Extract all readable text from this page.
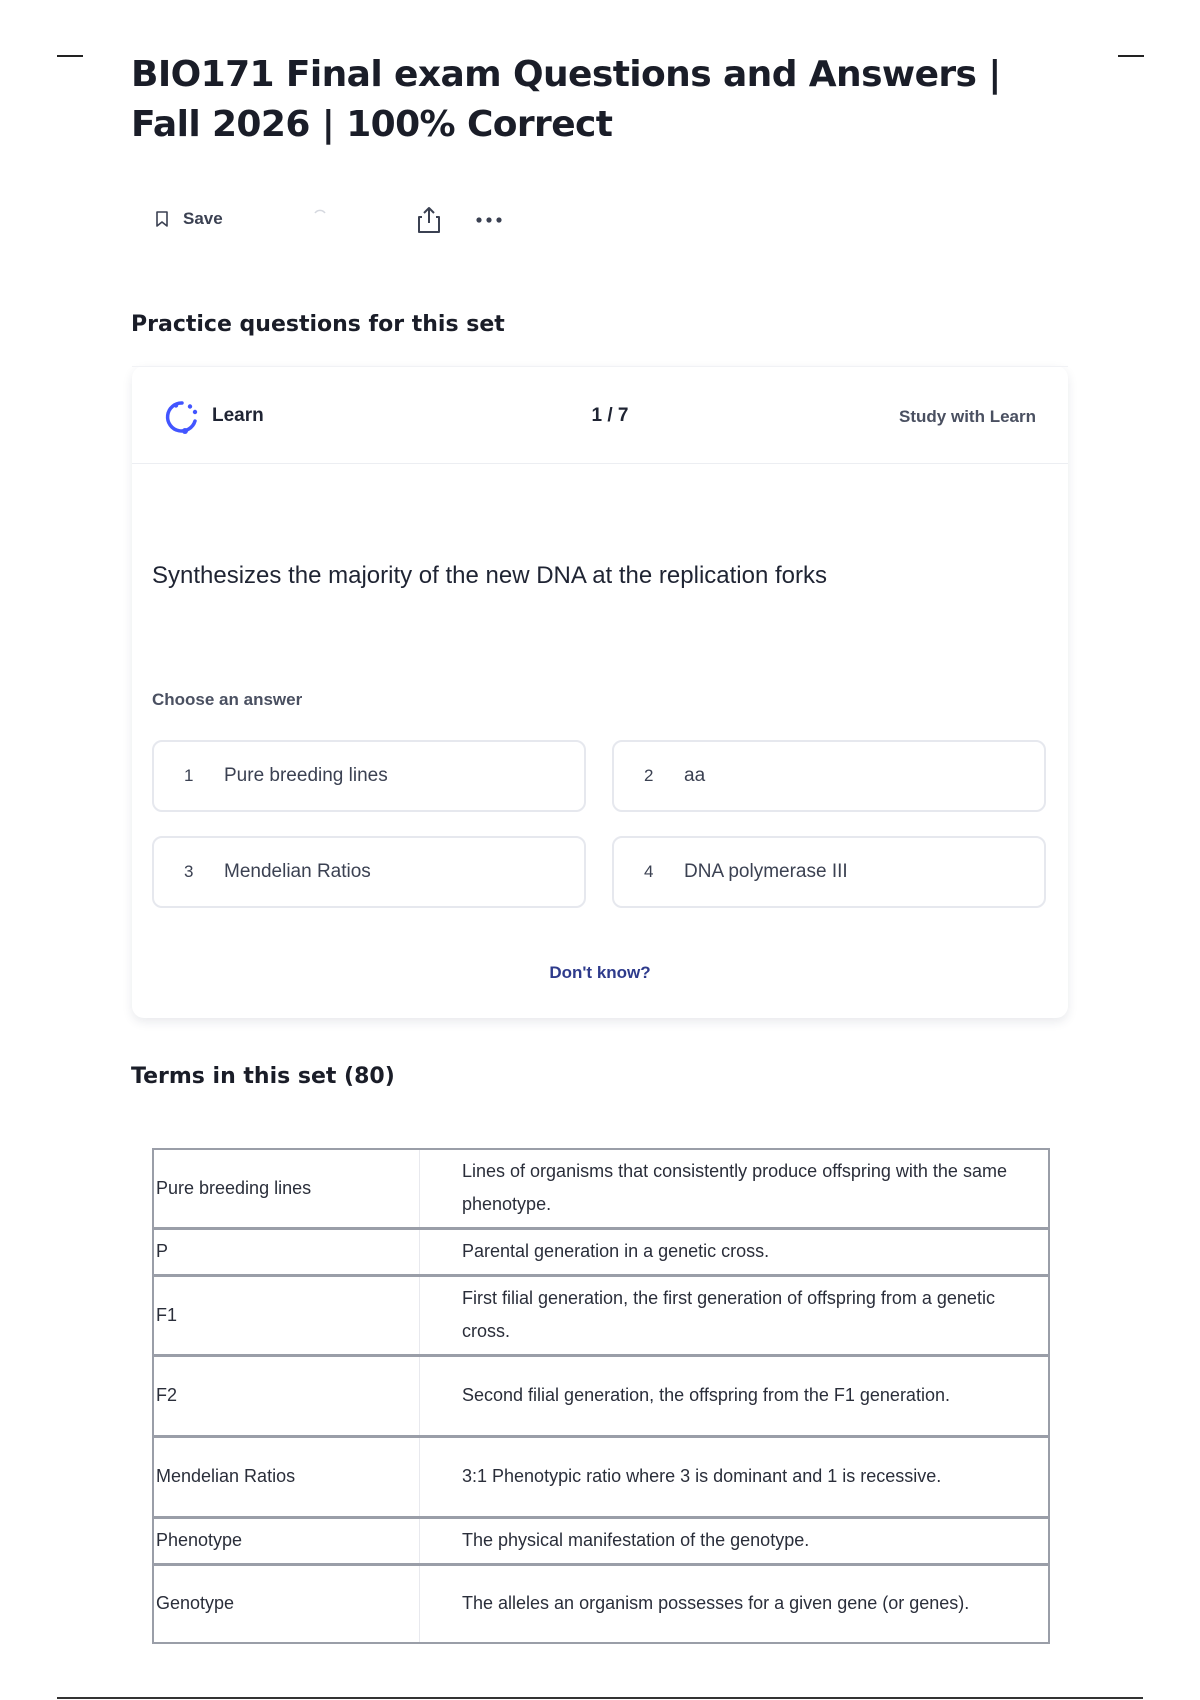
BIO171 Final exam Questions and Answers | Fall 2026 | 100% Correct
Save
Practice questions for this set
Learn	1 / 7	Study with Learn
Synthesizes the majority of the new DNA at the replication forks
Choose an answer
1 Pure breeding lines	2 aa
3 Mendelian Ratios	4 DNA polymerase III
Don't know?
Terms in this set (80)
Pure breeding lines	Lines of organisms that consistently produce offspring with the same phenotype.
P	Parental generation in a genetic cross.
F1	First filial generation, the first generation of offspring from a genetic cross.
F2	Second filial generation, the offspring from the F1 generation.
Mendelian Ratios	3:1 Phenotypic ratio where 3 is dominant and 1 is recessive.
Phenotype	The physical manifestation of the genotype.
Genotype	The alleles an organism possesses for a given gene (or genes).
